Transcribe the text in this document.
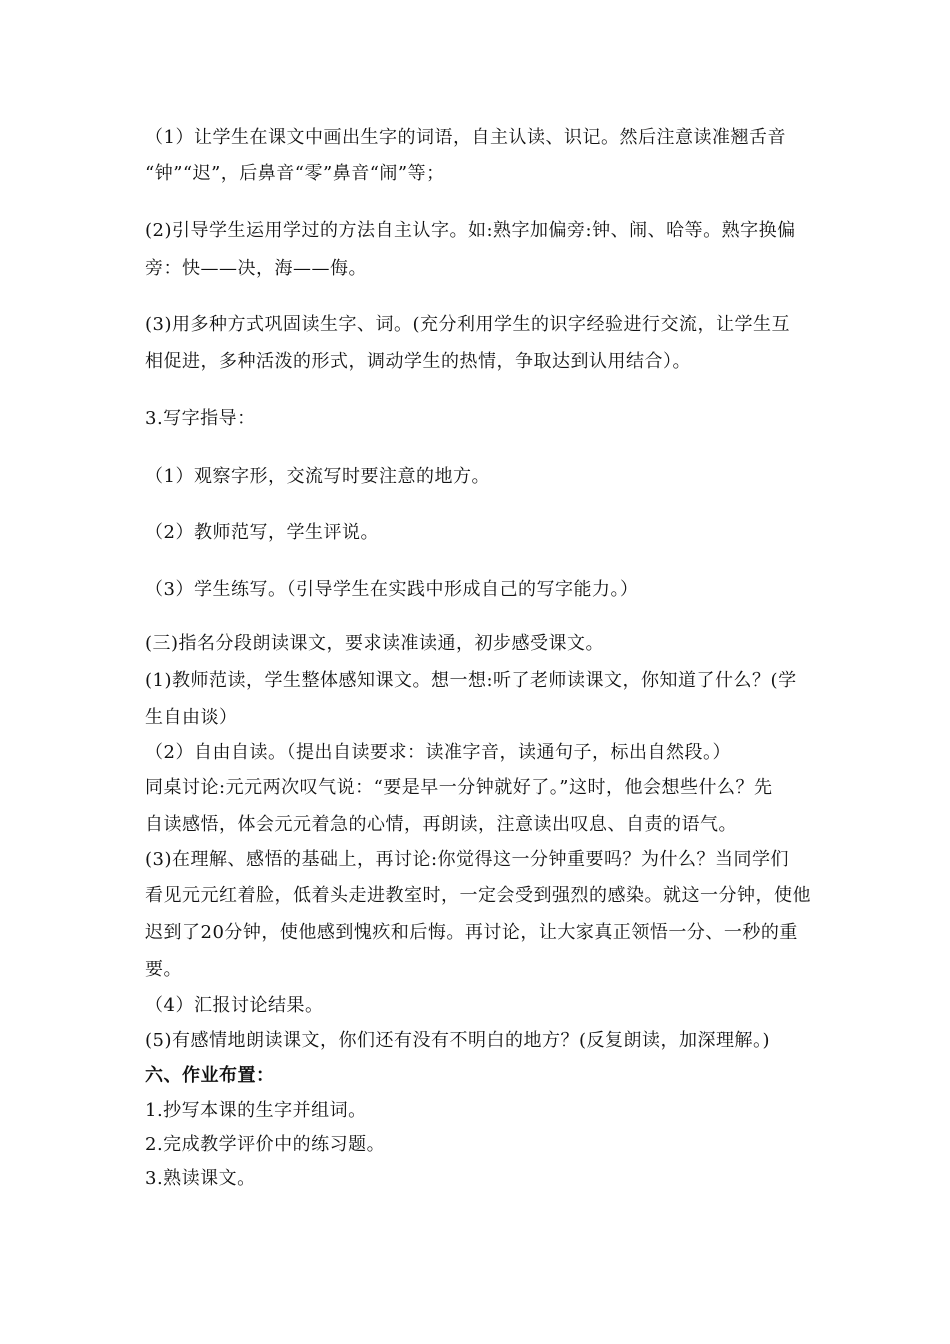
（1）让学生在课文中画出生字的词语，自主认读、识记。然后注意读准翘舌音
“钟”“迟”，后鼻音“零”鼻音“闹”等；
(2)引导学生运用学过的方法自主认字。如:熟字加偏旁:钟、闹、哈等。熟字换偏
旁：快——决，海——侮。
(3)用多种方式巩固读生字、词。(充分利用学生的识字经验进行交流，让学生互
相促进，多种活泼的形式，调动学生的热情，争取达到认用结合）。
3.写字指导：
（1）观察字形，交流写时要注意的地方。
（2）教师范写，学生评说。
（3）学生练写。（引导学生在实践中形成自己的写字能力。）
(三)指名分段朗读课文，要求读准读通，初步感受课文。
(1)教师范读，学生整体感知课文。想一想:听了老师读课文，你知道了什么？(学
生自由谈）
（2）自由自读。（提出自读要求：读准字音，读通句子，标出自然段。）
同桌讨论:元元两次叹气说：“要是早一分钟就好了。”这时，他会想些什么？先
自读感悟，体会元元着急的心情，再朗读，注意读出叹息、自责的语气。
(3)在理解、感悟的基础上，再讨论:你觉得这一分钟重要吗？为什么？当同学们
看见元元红着脸，低着头走进教室时，一定会受到强烈的感染。就这一分钟，使他
迟到了20分钟，使他感到愧疚和后悔。再讨论，让大家真正领悟一分、一秒的重
要。
（4）汇报讨论结果。
(5)有感情地朗读课文，你们还有没有不明白的地方？(反复朗读，加深理解。)
六、作业布置：
1.抄写本课的生字并组词。
2.完成教学评价中的练习题。
3.熟读课文。
